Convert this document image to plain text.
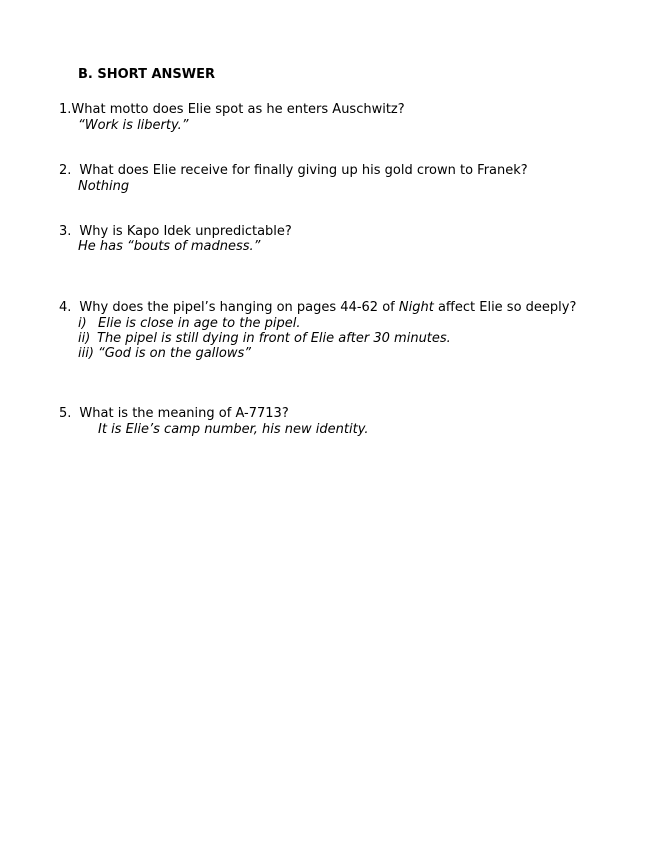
B. SHORT ANSWER
1.What motto does Elie spot as he enters Auschwitz?
“Work is liberty.”
2. What does Elie receive for finally giving up his gold crown to Franek?
Nothing
3. Why is Kapo Idek unpredictable?
He has “bouts of madness.”
4. Why does the pipel’s hanging on pages 44-62 of Night affect Elie so deeply?
i) Elie is close in age to the pipel.
ii) The pipel is still dying in front of Elie after 30 minutes.
iii) “God is on the gallows”
5. What is the meaning of A-7713?
It is Elie’s camp number, his new identity.
